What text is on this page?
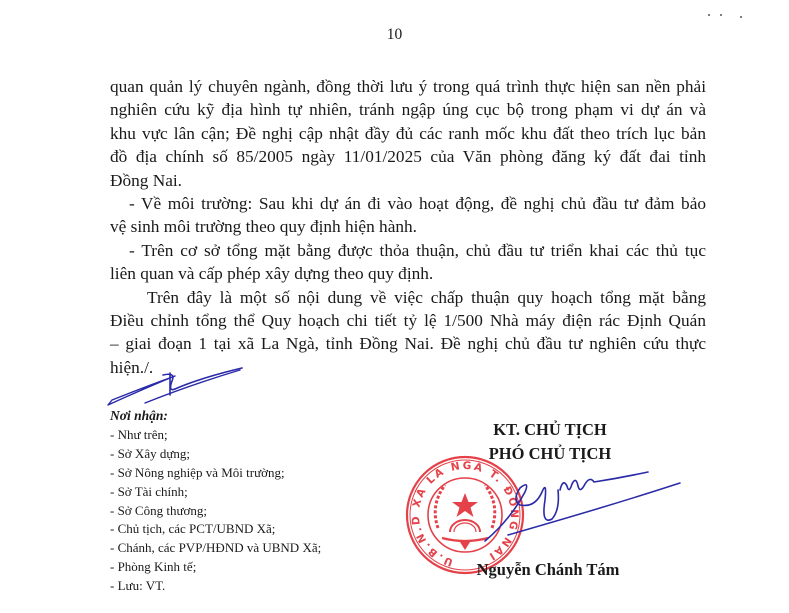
10
quan quản lý chuyên ngành, đồng thời lưu ý trong quá trình thực hiện san nền phải
nghiên cứu kỹ địa hình tự nhiên, tránh ngập úng cục bộ trong phạm vi dự án và
khu vực lân cận; Đề nghị cập nhật đầy đủ các ranh mốc khu đất theo trích lục bản
đồ địa chính số 85/2005 ngày 11/01/2025 của Văn phòng đăng ký đất đai tỉnh
Đồng Nai.
- Về môi trường: Sau khi dự án đi vào hoạt động, đề nghị chủ đầu tư đảm bảo
vệ sinh môi trường theo quy định hiện hành.
- Trên cơ sở tổng mặt bằng được thỏa thuận, chủ đầu tư triển khai các thủ tục
liên quan và cấp phép xây dựng theo quy định.
Trên đây là một số nội dung về việc chấp thuận quy hoạch tổng mặt bằng
Điều chỉnh tổng thể Quy hoạch chi tiết tỷ lệ 1/500 Nhà máy điện rác Định Quán
– giai đoạn 1 tại xã La Ngà, tỉnh Đồng Nai. Đề nghị chủ đầu tư nghiên cứu thực
hiện./.
Nơi nhận:
- Như trên;
- Sở Xây dựng;
- Sở Nông nghiệp và Môi trường;
- Sở Tài chính;
- Sở Công thương;
- Chủ tịch, các PCT/UBND Xã;
- Chánh, các PVP/HĐND và UBND Xã;
- Phòng Kinh tế;
- Lưu: VT.
KT. CHỦ TỊCH
PHÓ CHỦ TỊCH
U.B.N.D XÃ LA NGÀ T. ĐỒNG NAI
Nguyễn Chánh Tám
